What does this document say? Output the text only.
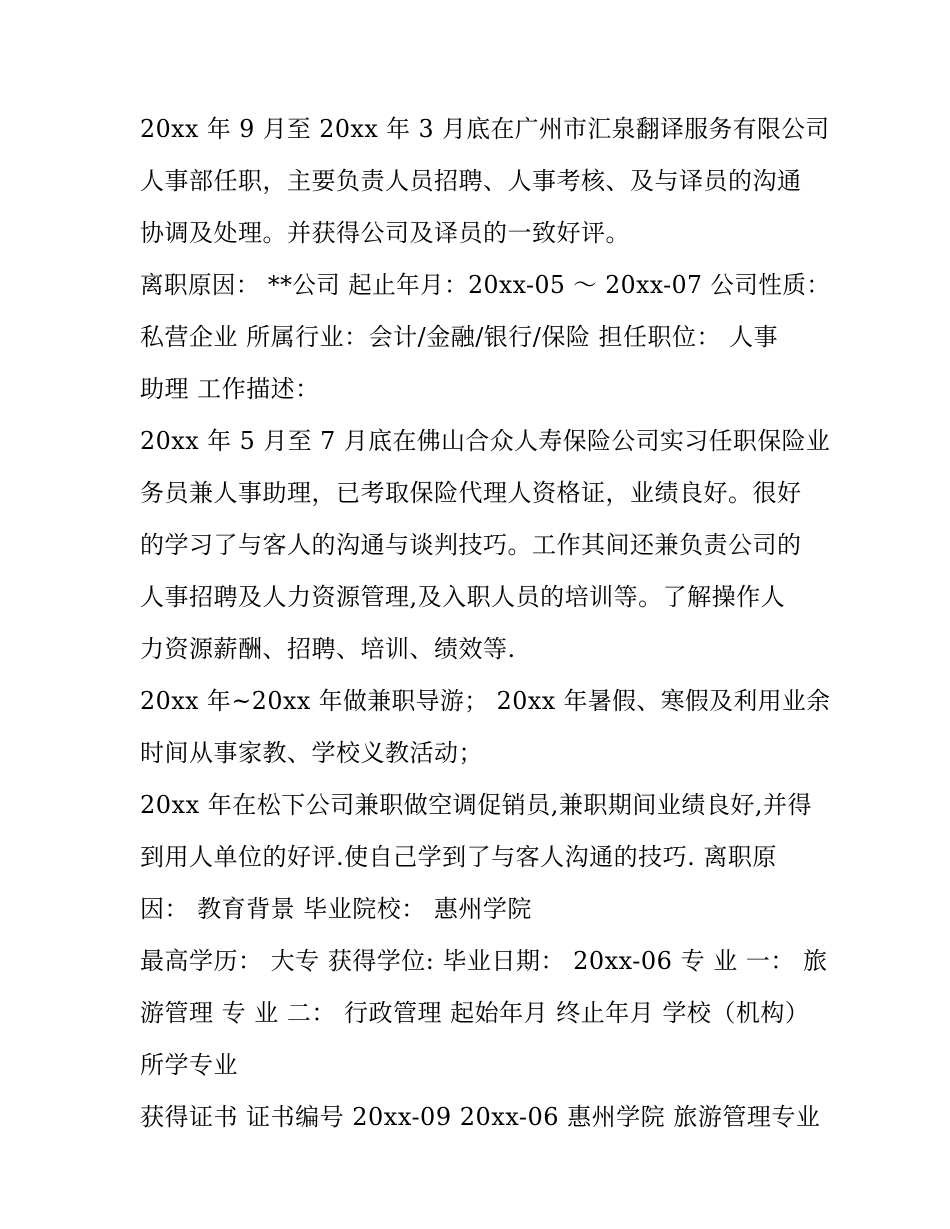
20xx 年 9 月至 20xx 年 3 月底在广州市汇泉翻译服务有限公司
人事部任职，主要负责人员招聘、人事考核、及与译员的沟通
协调及处理。并获得公司及译员的一致好评。
离职原因： **公司 起止年月：20xx-05 ～ 20xx-07 公司性质：
私营企业 所属行业：会计/金融/银行/保险 担任职位： 人事
助理 工作描述：
20xx 年 5 月至 7 月底在佛山合众人寿保险公司实习任职保险业
务员兼人事助理，已考取保险代理人资格证，业绩良好。很好
的学习了与客人的沟通与谈判技巧。工作其间还兼负责公司的
人事招聘及人力资源管理,及入职人员的培训等。了解操作人
力资源薪酬、招聘、培训、绩效等.
20xx 年~20xx 年做兼职导游； 20xx 年暑假、寒假及利用业余
时间从事家教、学校义教活动；
20xx 年在松下公司兼职做空调促销员,兼职期间业绩良好,并得
到用人单位的好评.使自己学到了与客人沟通的技巧. 离职原
因： 教育背景 毕业院校： 惠州学院
最高学历： 大专 获得学位: 毕业日期： 20xx-06 专 业 一： 旅
游管理 专 业 二： 行政管理 起始年月 终止年月 学校（机构）
所学专业
获得证书 证书编号 20xx-09 20xx-06 惠州学院 旅游管理专业
